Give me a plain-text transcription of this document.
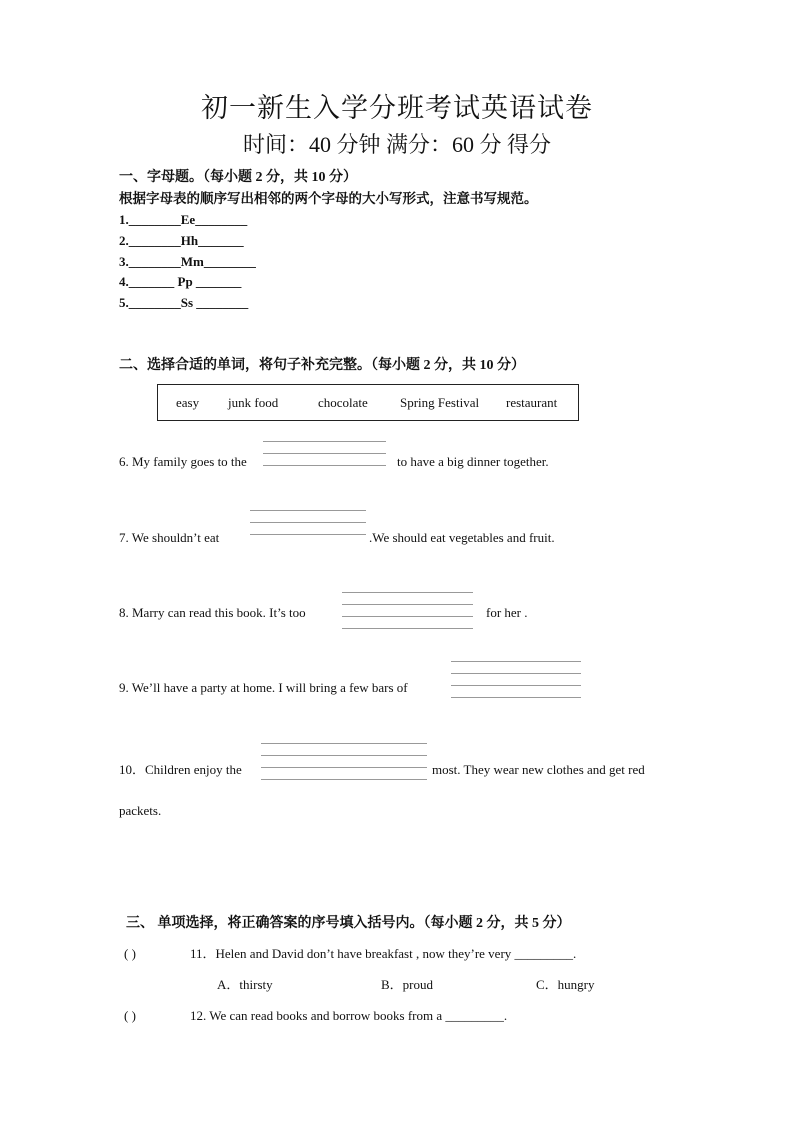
初一新生入学分班考试英语试卷
时间：40 分钟 满分：60 分 得分
一、字母题。（每小题 2 分，共 10 分）
根据字母表的顺序写出相邻的两个字母的大小写形式，注意书写规范。
1.________Ee________
2.________Hh_______
3.________Mm________
4._______ Pp _______
5.________Ss ________
二、选择合适的单词，将句子补充完整。（每小题 2 分，共 10 分）
easy junk food	chocolate Spring Festival restaurant
6. My family goes to the	to have a big dinner together.
7. We shouldn’t eat	.We should eat vegetables and fruit.
8. Marry can read this book. It’s too	for her .
9. We’ll have a party at home. I will bring a few bars of
10．Children enjoy the	most. They wear new clothes and get red
packets.
三、 单项选择，将正确答案的序号填入括号内。（每小题 2 分，共 5 分）
( )	11．Helen and David don’t have breakfast , now they’re very _________.
A．thirsty	B．proud	C．hungry
( )	12. We can read books and borrow books from a _________.
